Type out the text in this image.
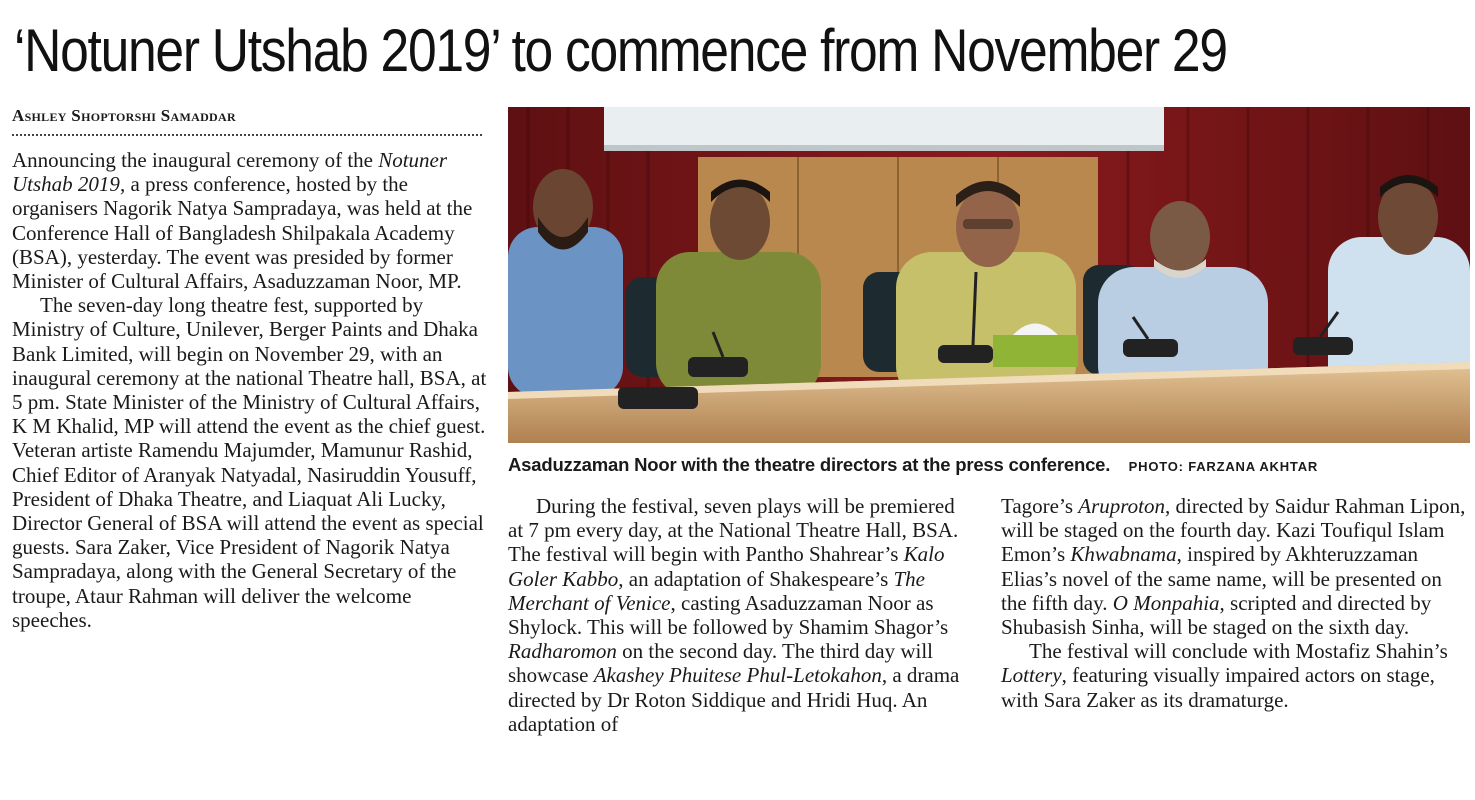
‘Notuner Utshab 2019’ to commence from November 29
Ashley Shoptorshi Samaddar

Announcing the inaugural ceremony of the Notuner Utshab 2019, a press conference, hosted by the organisers Nagorik Natya Sampradaya, was held at the Conference Hall of Bangladesh Shilpakala Academy (BSA), yesterday. The event was presided by former Minister of Cultural Affairs, Asaduzzaman Noor, MP.

The seven-day long theatre fest, supported by Ministry of Culture, Unilever, Berger Paints and Dhaka Bank Limited, will begin on November 29, with an inaugural ceremony at the national Theatre hall, BSA, at 5 pm. State Minister of the Ministry of Cultural Affairs, K M Khalid, MP will attend the event as the chief guest. Veteran artiste Ramendu Majumder, Mamunur Rashid, Chief Editor of Aranyak Natyadal, Nasiruddin Yousuff, President of Dhaka Theatre, and Liaquat Ali Lucky, Director General of BSA will attend the event as special guests. Sara Zaker, Vice President of Nagorik Natya Sampradaya, along with the General Secretary of the troupe, Ataur Rahman will deliver the welcome speeches.

Asaduzzaman Noor with the theatre directors at the press conference. PHOTO: FARZANA AKHTAR

During the festival, seven plays will be premiered at 7 pm every day, at the National Theatre Hall, BSA. The festival will begin with Pantho Shahrear’s Kalo Goler Kabbo, an adaptation of Shakespeare’s The Merchant of Venice, casting Asaduzzaman Noor as Shylock. This will be followed by Shamim Shagor’s Radharomon on the second day. The third day will showcase Akashey Phuitese Phul-Letokahon, a drama directed by Dr Roton Siddique and Hridi Huq. An adaptation of

Tagore’s Aruproton, directed by Saidur Rahman Lipon, will be staged on the fourth day. Kazi Toufiqul Islam Emon’s Khwabnama, inspired by Akhteruzzaman Elias’s novel of the same name, will be presented on the fifth day. O Monpahia, scripted and directed by Shubasish Sinha, will be staged on the sixth day.

The festival will conclude with Mostafiz Shahin’s Lottery, featuring visually impaired actors on stage, with Sara Zaker as its dramaturge.
